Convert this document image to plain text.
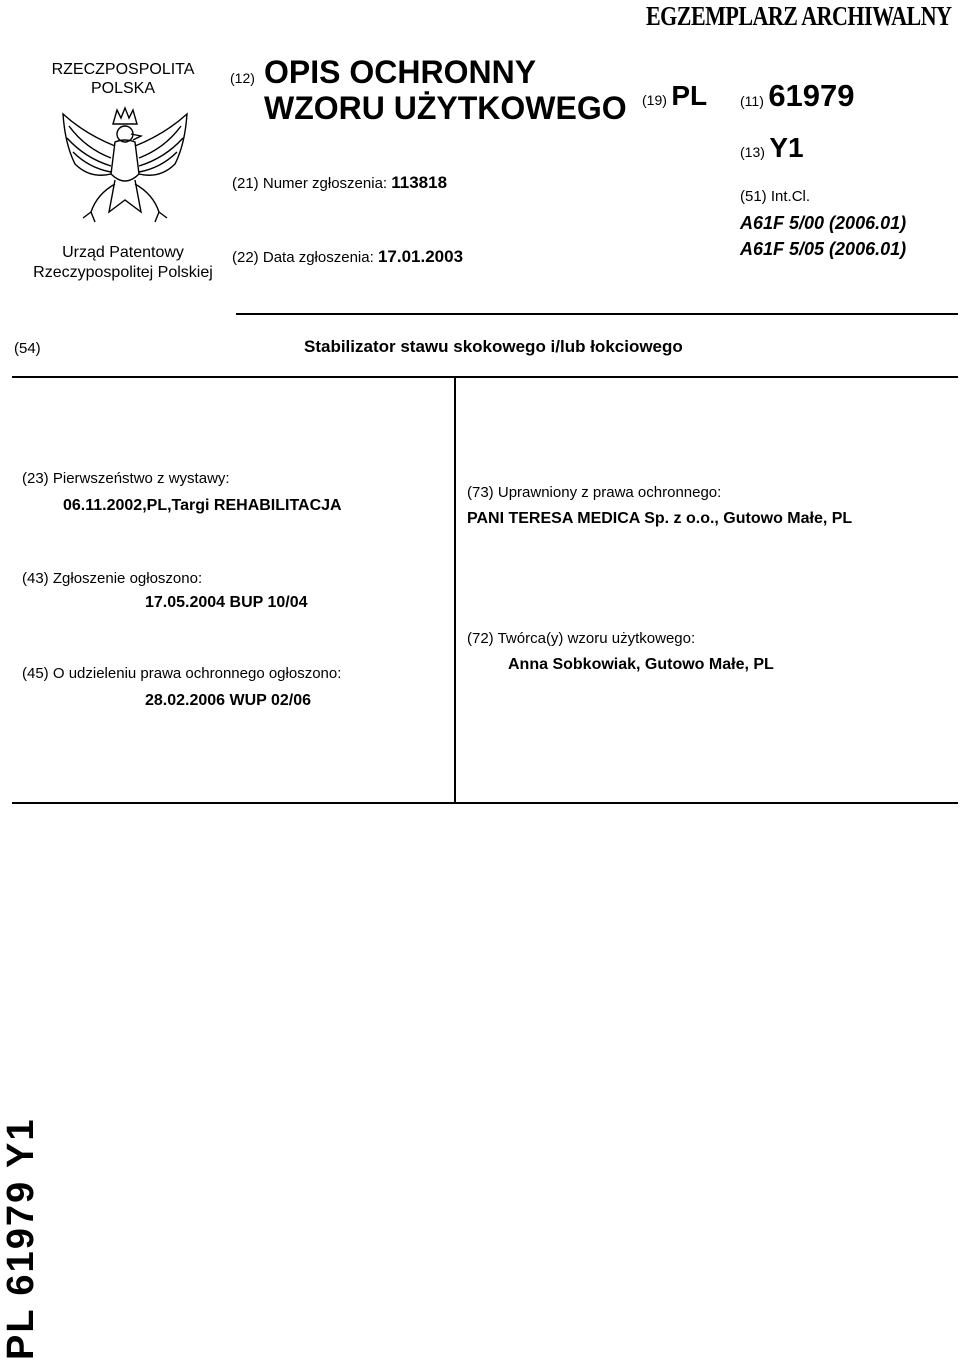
EGZEMPLARZ ARCHIWALNY
RZECZPOSPOLITA
POLSKA
Urząd Patentowy
Rzeczypospolitej Polskiej
(12) OPIS OCHRONNY
WZORU UŻYTKOWEGO
(21) Numer zgłoszenia: 113818
(22) Data zgłoszenia: 17.01.2003
(19) PL (11) 61979
(13) Y1
(51) Int.Cl.
A61F 5/00 (2006.01)
A61F 5/05 (2006.01)
(54)	Stabilizator stawu skokowego i/lub łokciowego
(23) Pierwszeństwo z wystawy:
06.11.2002,PL,Targi REHABILITACJA
(43) Zgłoszenie ogłoszono:
17.05.2004 BUP 10/04
(45) O udzieleniu prawa ochronnego ogłoszono:
28.02.2006 WUP 02/06
(73) Uprawniony z prawa ochronnego:
PANI TERESA MEDICA Sp. z o.o., Gutowo Małe, PL
(72) Twórca(y) wzoru użytkowego:
Anna Sobkowiak, Gutowo Małe, PL
PL 61979 Y1
